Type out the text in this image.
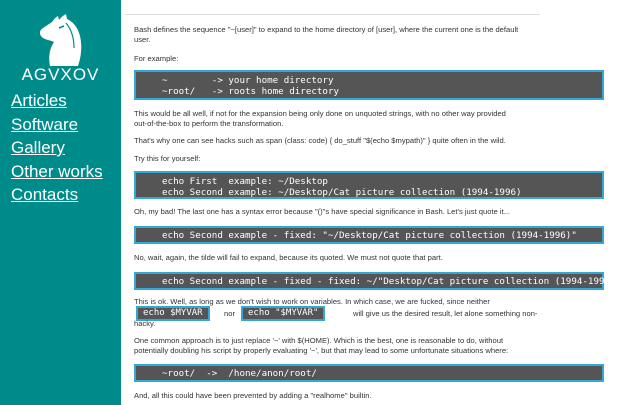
AGVXOV
Articles
Software
Gallery
Other works
Contacts
Bash defines the sequence "~[user]" to expand to the home directory of [user], where the current one is the default
user.
For example:
~        -> your home directory
~root/   -> roots home directory
This would be all well, if not for the expansion being only done on unquoted strings, with no other way provided
out-of-the-box to perform the transformation.
That's why one can see hacks such as span (class: code) { do_stuff "$(echo $mypath)" } quite often in the wild.
Try this for yourself:
echo First  example: ~/Desktop
echo Second example: ~/Desktop/Cat picture collection (1994-1996)
Oh, my bad! The last one has a syntax error because "()"s have special significance in Bash. Let's just quote it...
echo Second example - fixed: "~/Desktop/Cat picture collection (1994-1996)"
No, wait, again, the tilde will fail to expand, because its quoted. We must not quote that part.
echo Second example - fixed - fixed: ~/"Desktop/Cat picture collection (1994-1996)"
This is ok. Well, as long as we don't wish to work on variables. In which case, we are fucked, since neither
echo $MYVAR	nor	echo "$MYVAR"	will give us the desired result, let alone something non-
hacky.
One common approach is to just replace '~' with $(HOME). Which is the best, one is reasonable to do, without
potentially doubling his script by properly evaluating '~', but that may lead to some unfortunate situations where:
~root/  ->  /hone/anon/root/
And, all this could have been prevented by adding a "realhome" builtin.
